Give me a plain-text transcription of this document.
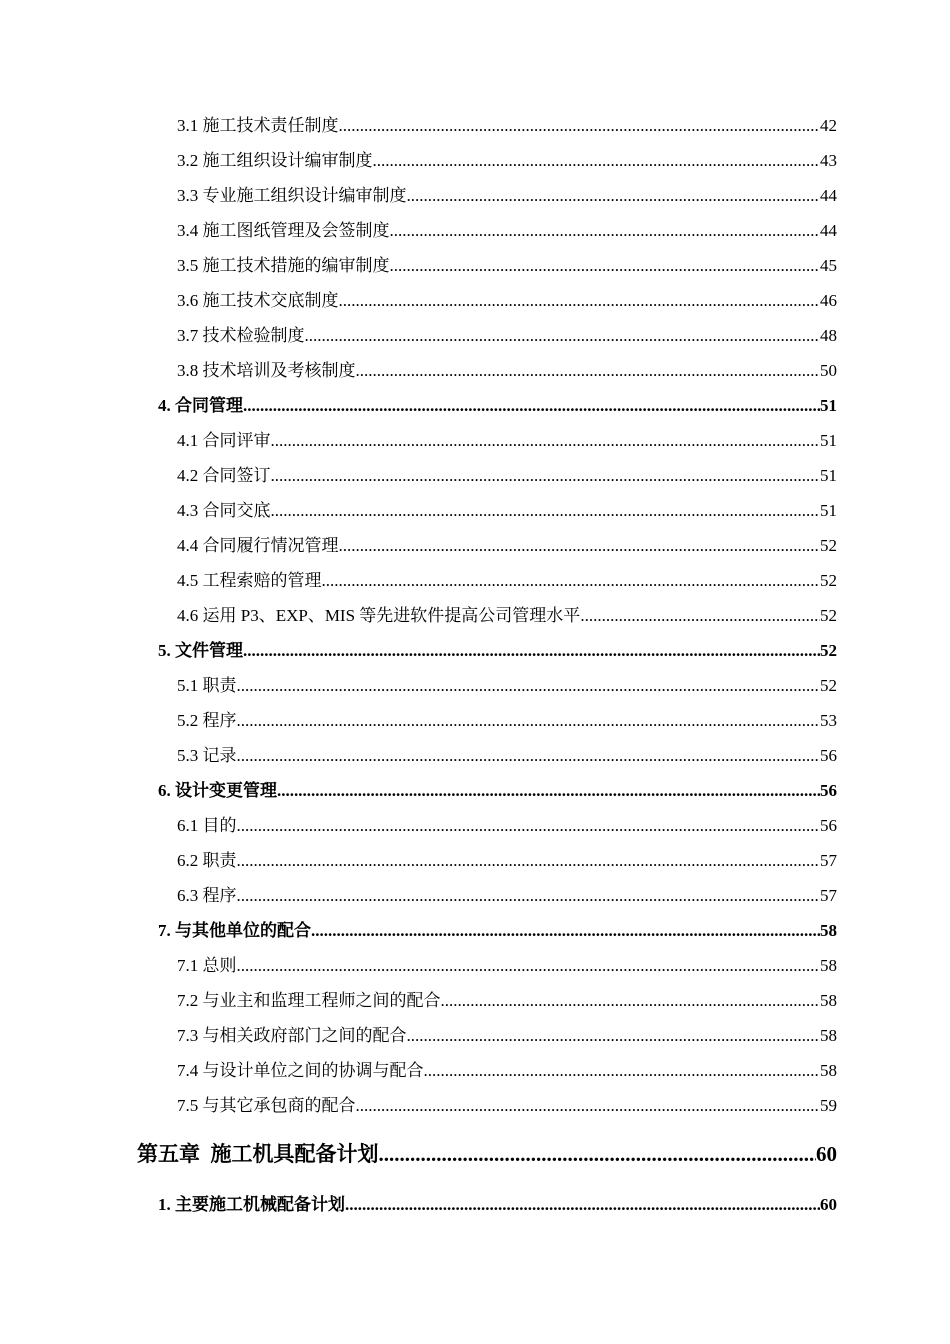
3.1 施工技术责任制度 .....	42
3.2 施工组织设计编审制度 .....	43
3.3 专业施工组织设计编审制度 .....	44
3.4 施工图纸管理及会签制度 .....	44
3.5 施工技术措施的编审制度 .....	45
3.6 施工技术交底制度 .....	46
3.7 技术检验制度 .....	48
3.8 技术培训及考核制度 .....	50
4. 合同管理 .....	51
4.1 合同评审 .....	51
4.2 合同签订 .....	51
4.3 合同交底 .....	51
4.4 合同履行情况管理 .....	52
4.5 工程索赔的管理 .....	52
4.6 运用 P3、EXP、MIS 等先进软件提高公司管理水平 .....	52
5. 文件管理 .....	52
5.1 职责 .....	52
5.2 程序 .....	53
5.3 记录 .....	56
6. 设计变更管理 .....	56
6.1 目的 .....	56
6.2 职责 .....	57
6.3 程序 .....	57
7. 与其他单位的配合 .....	58
7.1 总则 .....	58
7.2 与业主和监理工程师之间的配合 .....	58
7.3 与相关政府部门之间的配合 .....	58
7.4 与设计单位之间的协调与配合 .....	58
7.5 与其它承包商的配合 .....	59
第五章  施工机具配备计划 .....	60
1. 主要施工机械配备计划 .....	60
